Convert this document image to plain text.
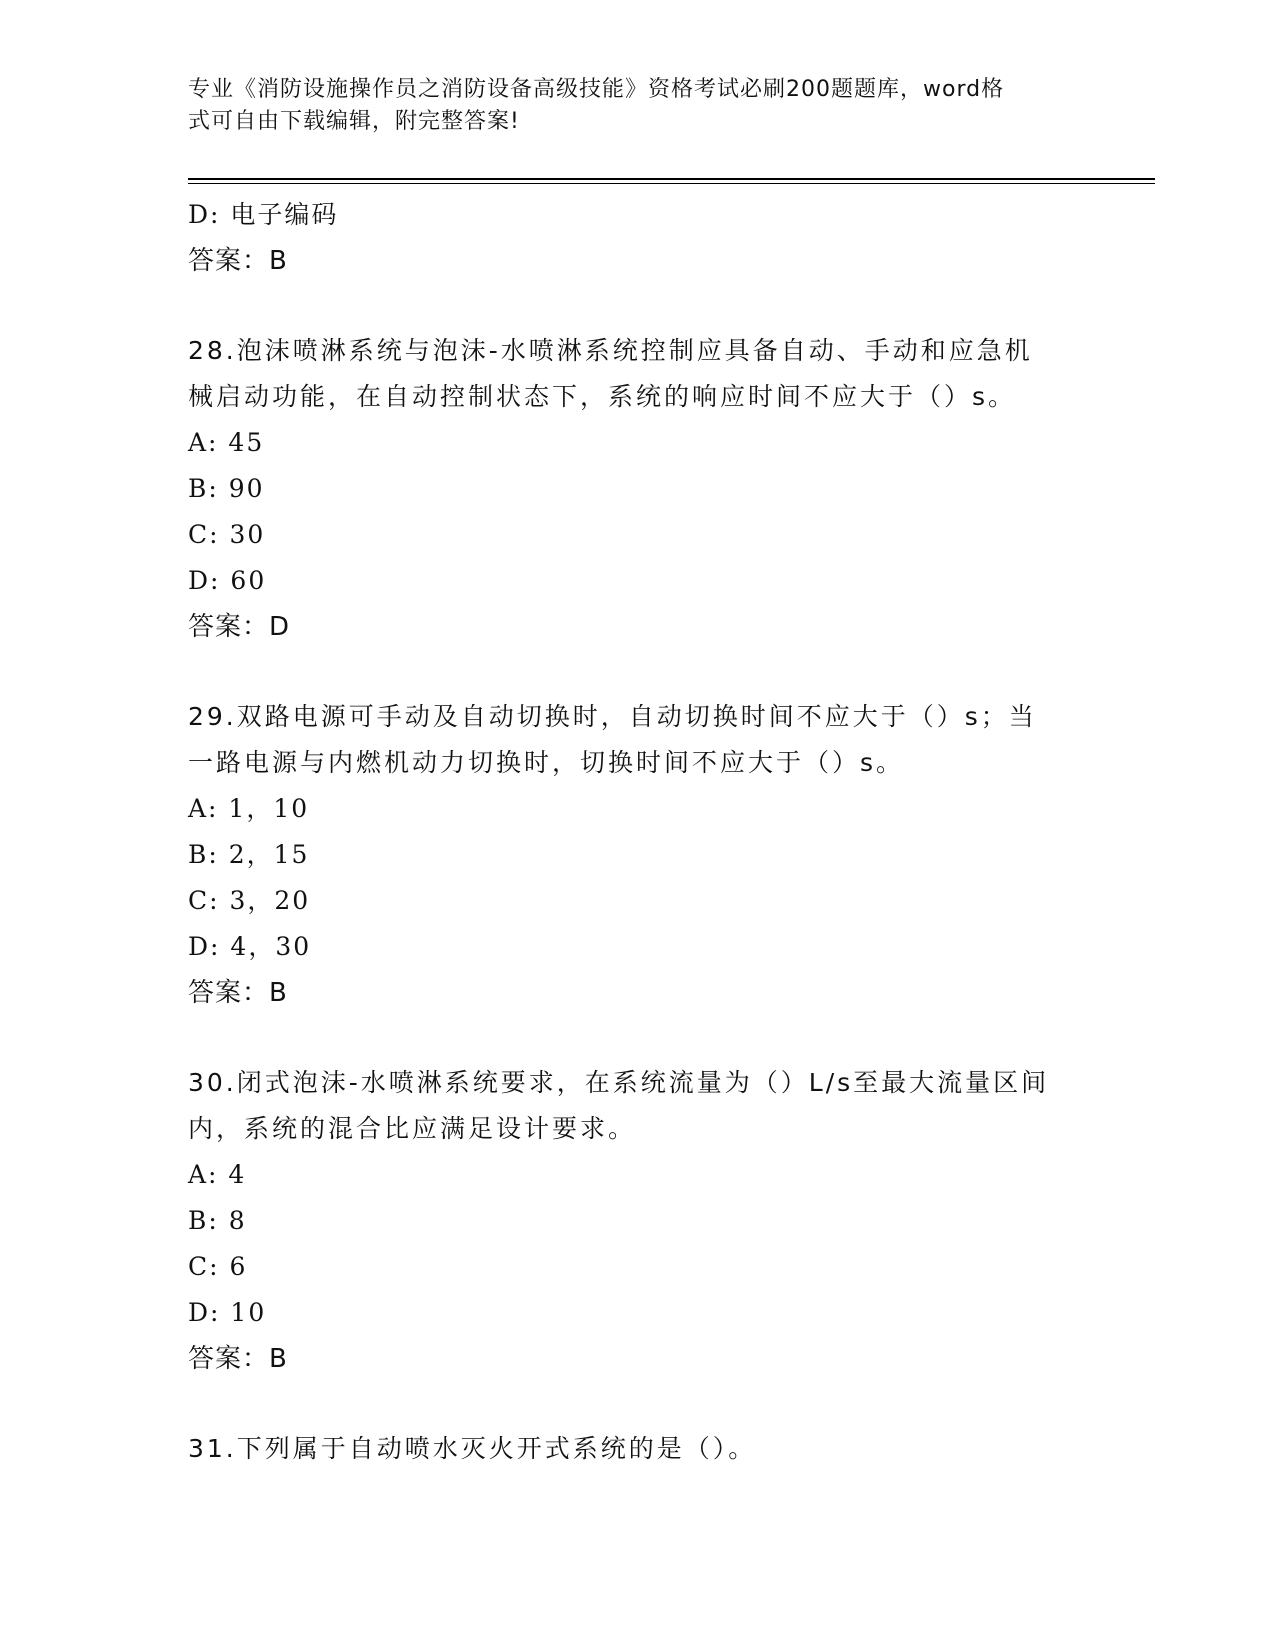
专业《消防设施操作员之消防设备高级技能》资格考试必刷200题题库，word格
式可自由下载编辑，附完整答案!
D: 电子编码
答案：B
28.泡沫喷淋系统与泡沫-水喷淋系统控制应具备自动、手动和应急机
械启动功能，在自动控制状态下，系统的响应时间不应大于（）s。
A: 45
B: 90
C: 30
D: 60
答案：D
29.双路电源可手动及自动切换时，自动切换时间不应大于（）s；当
一路电源与内燃机动力切换时，切换时间不应大于（）s。
A: 1，10
B: 2，15
C: 3，20
D: 4，30
答案：B
30.闭式泡沫-水喷淋系统要求，在系统流量为（）L/s至最大流量区间
内，系统的混合比应满足设计要求。
A: 4
B: 8
C: 6
D: 10
答案：B
31.下列属于自动喷水灭火开式系统的是（）。
